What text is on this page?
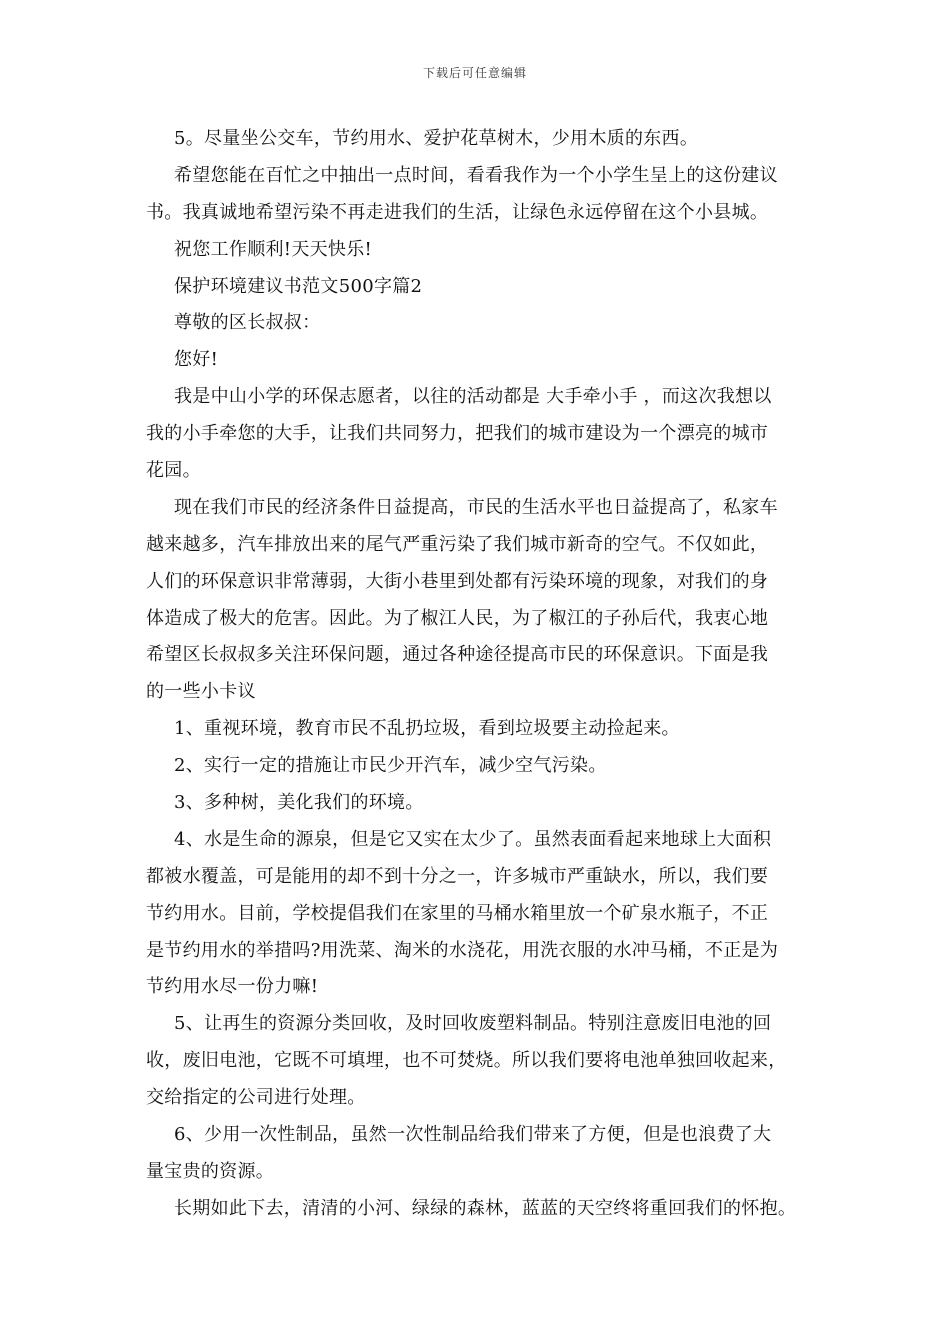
下载后可任意编辑
5。尽量坐公交车，节约用水、爱护花草树木，少用木质的东西。
希望您能在百忙之中抽出一点时间，看看我作为一个小学生呈上的这份建议
书。我真诚地希望污染不再走进我们的生活，让绿色永远停留在这个小县城。
祝您工作顺利!天天快乐!
保护环境建议书范文500字篇2
尊敬的区长叔叔：
您好!
我是中山小学的环保志愿者，以往的活动都是 大手牵小手 ，而这次我想以
我的小手牵您的大手，让我们共同努力，把我们的城市建设为一个漂亮的城市
花园。
现在我们市民的经济条件日益提高，市民的生活水平也日益提高了，私家车
越来越多，汽车排放出来的尾气严重污染了我们城市新奇的空气。不仅如此，
人们的环保意识非常薄弱，大街小巷里到处都有污染环境的现象，对我们的身
体造成了极大的危害。因此。为了椒江人民，为了椒江的子孙后代，我衷心地
希望区长叔叔多关注环保问题，通过各种途径提高市民的环保意识。下面是我
的一些小卡议
1、重视环境，教育市民不乱扔垃圾，看到垃圾要主动捡起来。
2、实行一定的措施让市民少开汽车，减少空气污染。
3、多种树，美化我们的环境。
4、水是生命的源泉，但是它又实在太少了。虽然表面看起来地球上大面积
都被水覆盖，可是能用的却不到十分之一，许多城市严重缺水，所以，我们要
节约用水。目前，学校提倡我们在家里的马桶水箱里放一个矿泉水瓶子，不正
是节约用水的举措吗?用洗菜、淘米的水浇花，用洗衣服的水冲马桶，不正是为
节约用水尽一份力嘛!
5、让再生的资源分类回收，及时回收废塑料制品。特别注意废旧电池的回
收，废旧电池，它既不可填埋，也不可焚烧。所以我们要将电池单独回收起来，
交给指定的公司进行处理。
6、少用一次性制品，虽然一次性制品给我们带来了方便，但是也浪费了大
量宝贵的资源。
长期如此下去，清清的小河、绿绿的森林，蓝蓝的天空终将重回我们的怀抱。
